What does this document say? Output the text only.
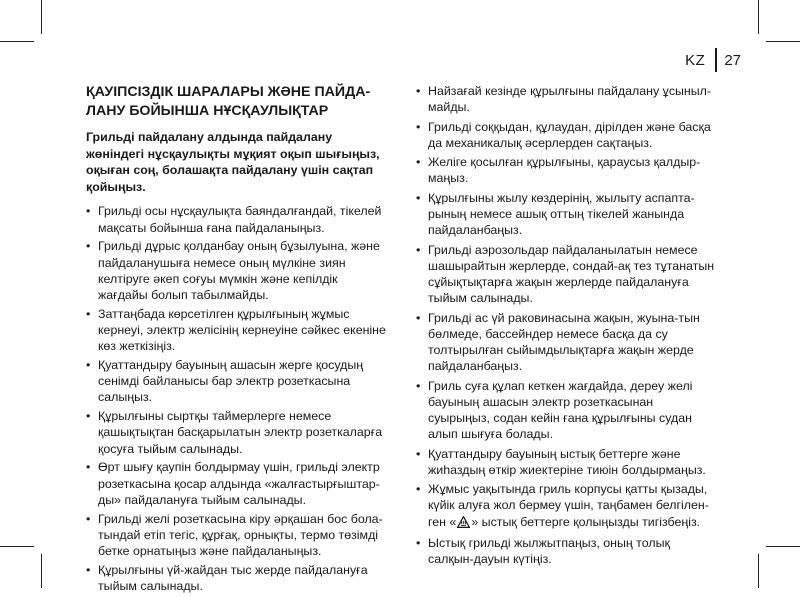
KZ 27
ҚАУІПСІЗДІК ШАРАЛАРЫ ЖӘНЕ ПАЙДА-ЛАНУ БОЙЫНША НҰСҚАУЛЫҚТАР
Грильді пайдалану алдында пайдалану жөніндегі нұсқаулықты мұқият оқып шығыңыз, оқыған соң, болашақта пайдалану үшін сақтап қойыңыз.
• Грильді осы нұсқаулықта баяндалғандай, тікелей мақсаты бойынша ғана пайдаланыңыз.
• Грильді дұрыс қолданбау оның бұзылуына, және пайдаланушыға немесе оның мүлкіне зиян келтіруге әкеп соғуы мүмкін және кепілдік жағдайы болып табылмайды.
• Заттаңбада көрсетілген құрылғының жұмыс кернеуі, электр желісінің кернеуіне сәйкес екеніне көз жеткізіңіз.
• Қуаттандыру бауының ашасын жерге қосудың сенімді байланысы бар электр розеткасына салыңыз.
• Құрылғыны сыртқы таймерлерге немесе қашықтықтан басқарылатын электр розеткаларға қосуға тыйым салынады.
• Өрт шығу қаупін болдырмау үшін, грильді электр розеткасына қосар алдында «жалғастырғыштар-ды» пайдалануға тыйым салынады.
• Грильді желі розеткасына кіру әрқашан бос бола-тындай етіп тегіс, құрғақ, орнықты, термо төзімді бетке орнатыңыз және пайдаланыңыз.
• Құрылғыны үй-жайдан тыс жерде пайдалануға тыйым салынады.
• Найзағай кезінде құрылғыны пайдалану ұсыныл-майды.
• Грильді соққыдан, құлаудан, дірілден және басқа да механикалық әсерлерден сақтаңыз.
• Желіге қосылған құрылғыны, қараусыз қалдыр-маңыз.
• Құрылғыны жылу көздерінің, жылыту аспапта-рының немесе ашық оттың тікелей жанында пайдаланбаңыз.
• Грильді аэрозольдар пайдаланылатын немесе шашырайтын жерлерде, сондай-ақ тез тұтанатын сұйықтықтарға жақын жерлерде пайдалануға тыйым салынады.
• Грильді ас үй раковинасына жақын, жуына-тын бөлмеде, бассейндер немесе басқа да су толтырылған сыйымдылықтарға жақын жерде пайдаланбаңыз.
• Гриль суға құлап кеткен жағдайда, дереу желі бауының ашасын электр розеткасынан суырыңыз, содан кейін ғана құрылғыны судан алып шығуға болады.
• Қуаттандыру бауының ыстық беттерге және жиһаздың өткір жиектеріне тиюін болдырмаңыз.
• Жұмыс уақытында гриль корпусы қатты қызады, күйік алуға жол бермеу үшін, таңбамен белгілен-ген « » ыстық беттерге қолыңызды тигізбеңіз.
• Ыстық грильді жылжытпаңыз, оның толық салқын-дауын күтіңіз.
